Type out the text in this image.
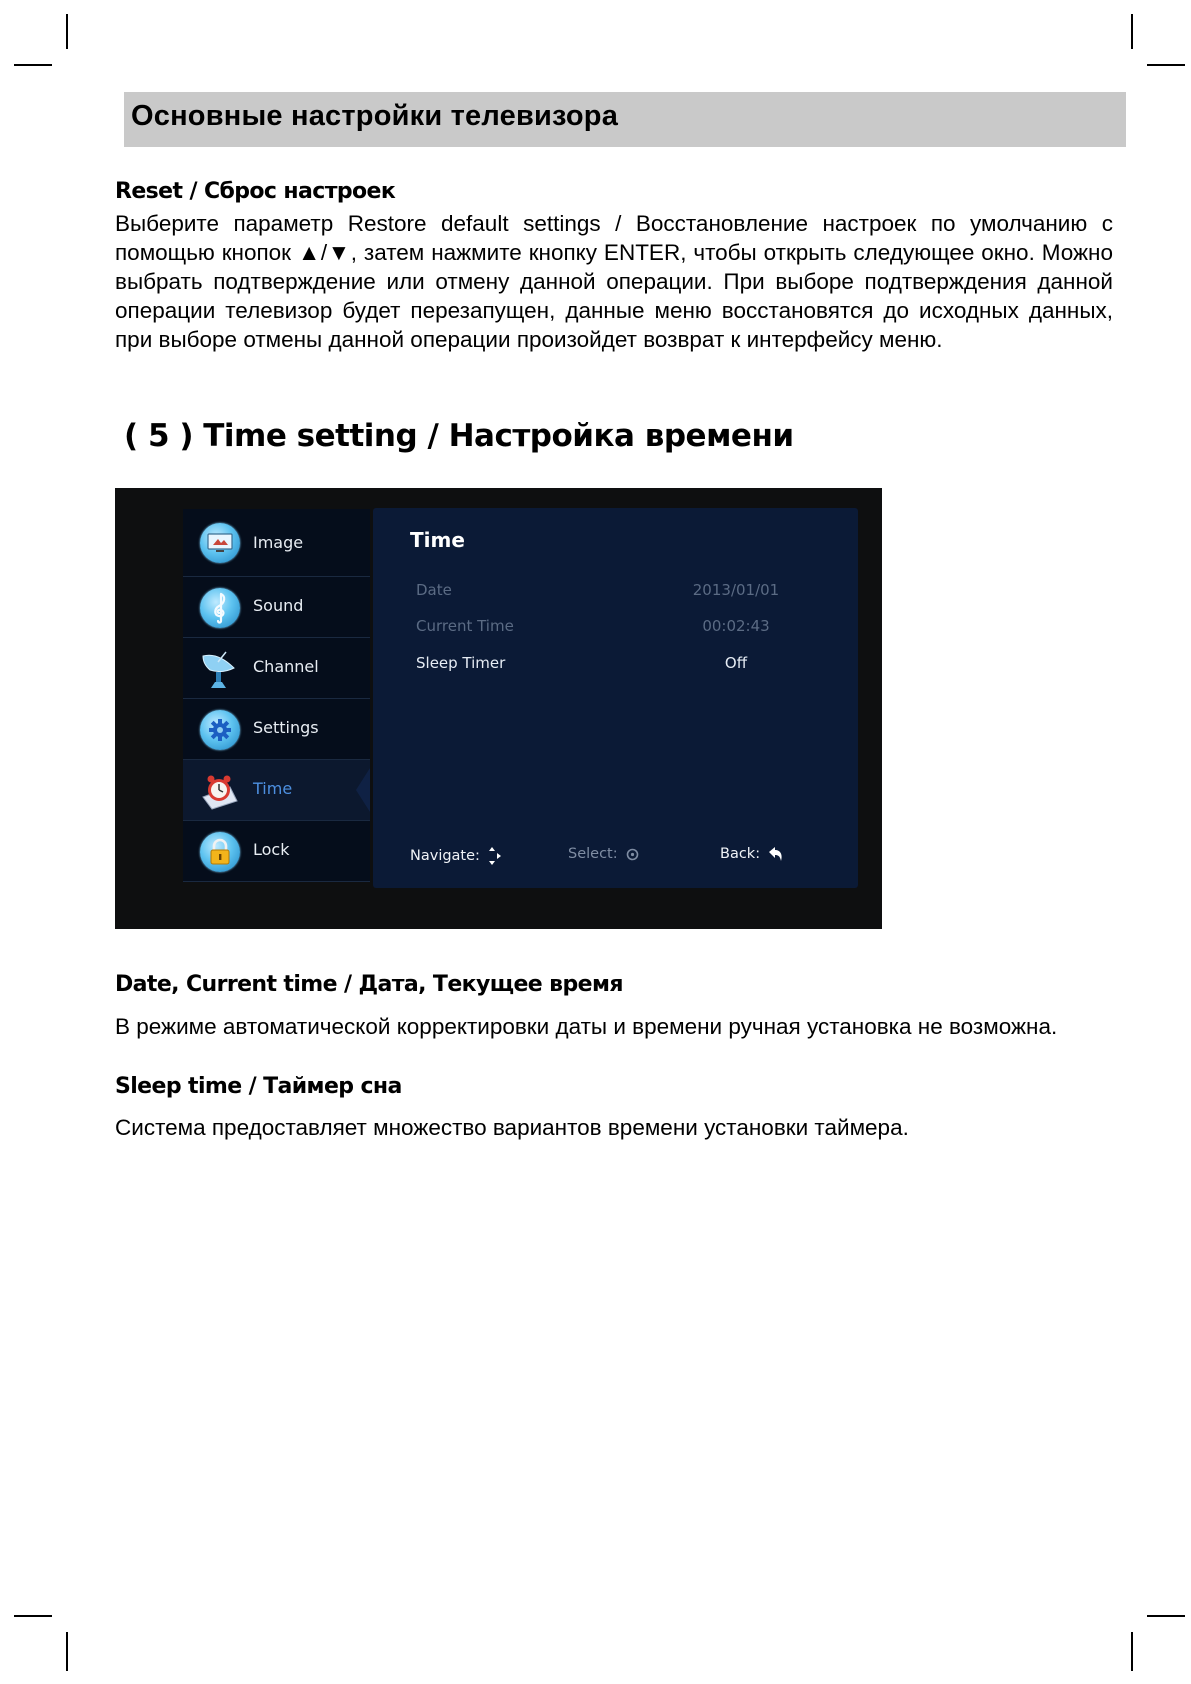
Основные настройки телевизора
Reset / Сброс настроек
Выберите параметр Restore default settings / Восстановление настроек по умолчанию с помощью кнопок ▲/▼, затем нажмите кнопку ENTER, чтобы открыть следующее окно. Можно выбрать подтверждение или отмену данной операции. При выборе подтверждения данной операции телевизор будет перезапущен, данные меню восстановятся до исходных данных, при выборе отмены данной операции произойдет возврат к интерфейсу меню.
( 5 ) Time setting / Настройка времени
Image
Sound
Channel
Settings
Time
Lock
Time
Date	2013/01/01
Current Time	00:02:43
Sleep Timer	Off
Navigate:	Select:	Back:
Date, Current time / Дата, Текущее время
В режиме автоматической корректировки даты и времени ручная установка не возможна.
Sleep time / Таймер сна
Система предоставляет множество вариантов времени установки таймера.
